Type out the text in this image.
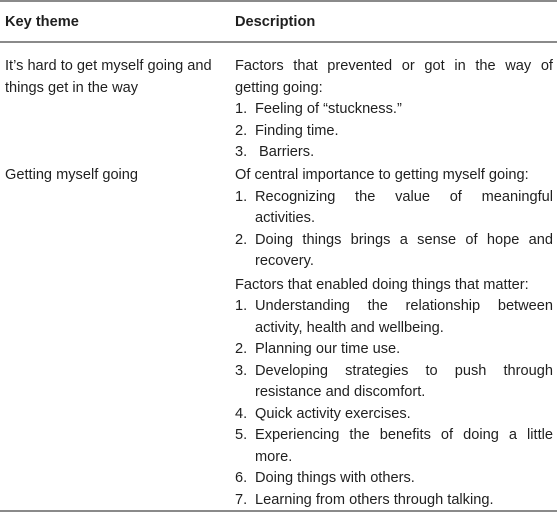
Key theme	Description
It’s hard to get myself going and things get in the way

Factors that prevented or got in the way of getting going:

1. Feeling of “stuckness.”
2. Finding time.
3. Barriers.
Getting myself going	Of central importance to getting myself going:

1. Recognizing the value of meaningful activities.
2. Doing things brings a sense of hope and recovery.

Factors that enabled doing things that matter:

1. Understanding the relationship between activity, health and wellbeing.
2. Planning our time use.
3. Developing strategies to push through resistance and discomfort.
4. Quick activity exercises.
5. Experiencing the benefits of doing a little more.
6. Doing things with others.
7. Learning from others through talking.
